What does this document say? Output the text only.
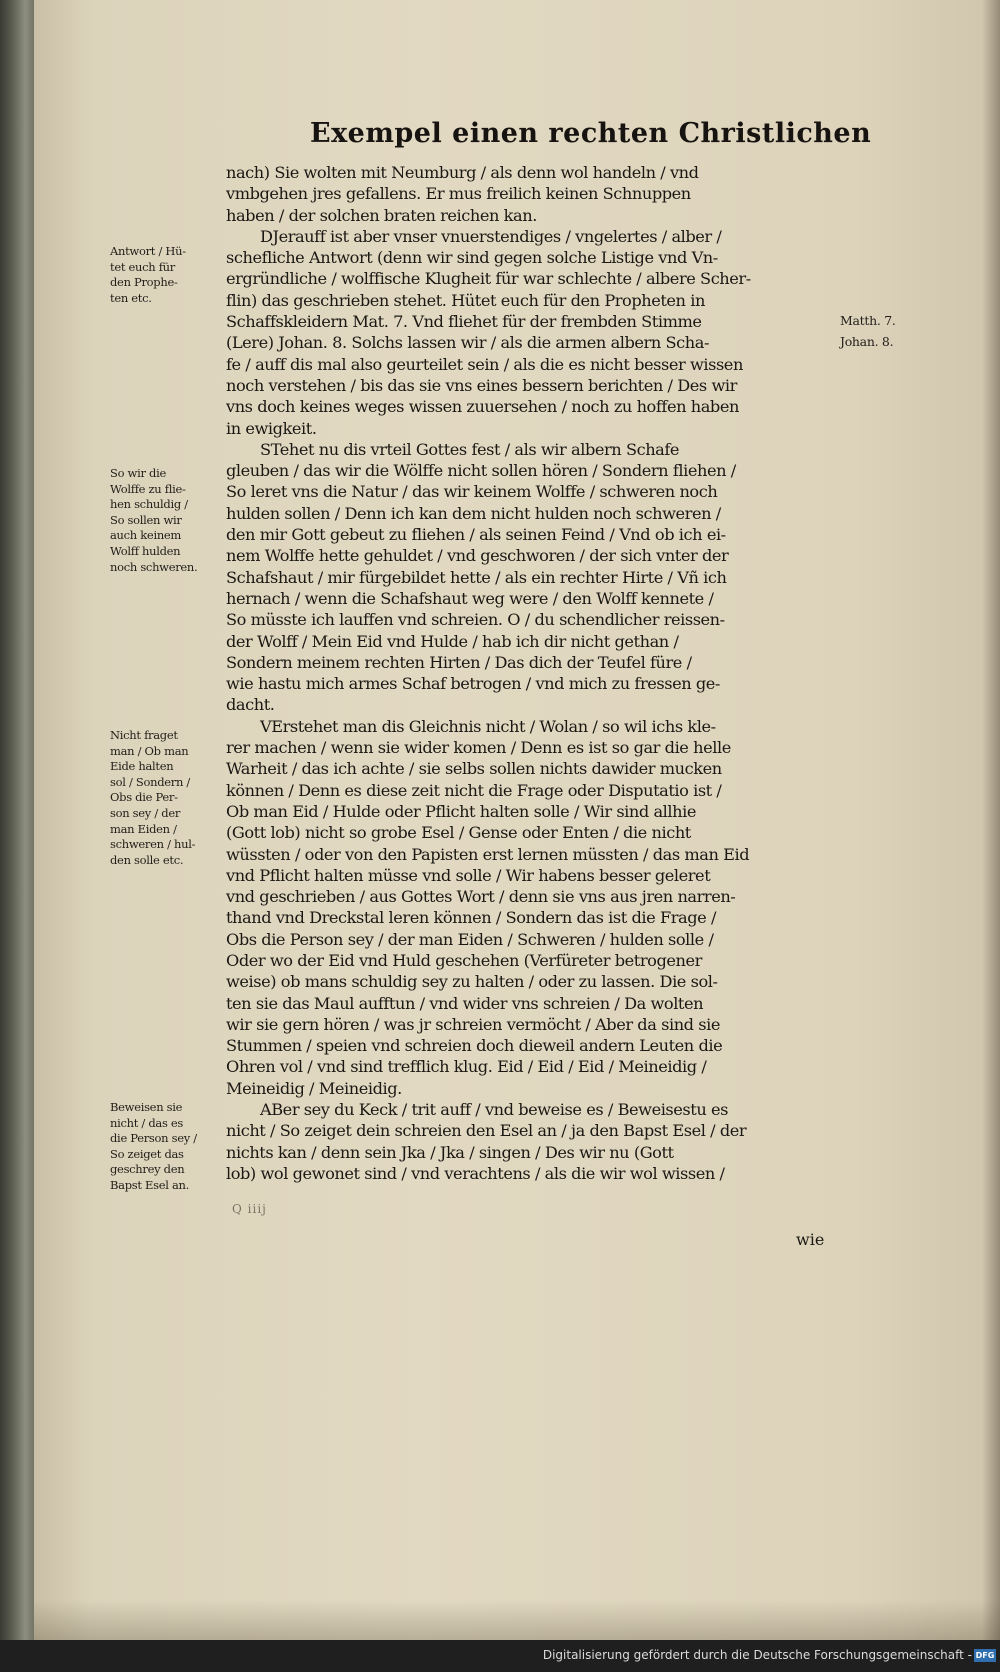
Exempel einen rechten Christlichen
nach) Sie wolten mit Neumburg / als denn wol handeln / vnd
vmbgehen jres gefallens. Er mus freilich keinen Schnuppen
haben / der solchen braten reichen kan.
DJerauff ist aber vnser vnuerstendiges / vngelertes / alber /
schefliche Antwort (denn wir sind gegen solche Listige vnd Vn-
ergründliche / wolffische Klugheit für war schlechte / albere Scher-
flin) das geschrieben stehet. Hütet euch für den Propheten in
Schaffskleidern Mat. 7. Vnd fliehet für der frembden Stimme
(Lere) Johan. 8. Solchs lassen wir / als die armen albern Scha-
fe / auff dis mal also geurteilet sein / als die es nicht besser wissen
noch verstehen / bis das sie vns eines bessern berichten / Des wir
vns doch keines weges wissen zuuersehen / noch zu hoffen haben
in ewigkeit.
STehet nu dis vrteil Gottes fest / als wir albern Schafe
gleuben / das wir die Wölffe nicht sollen hören / Sondern fliehen /
So leret vns die Natur / das wir keinem Wolffe / schweren noch
hulden sollen / Denn ich kan dem nicht hulden noch schweren /
den mir Gott gebeut zu fliehen / als seinen Feind / Vnd ob ich ei-
nem Wolffe hette gehuldet / vnd geschworen / der sich vnter der
Schafshaut / mir fürgebildet hette / als ein rechter Hirte / Vñ ich
hernach / wenn die Schafshaut weg were / den Wolff kennete /
So müsste ich lauffen vnd schreien. O / du schendlicher reissen-
der Wolff / Mein Eid vnd Hulde / hab ich dir nicht gethan /
Sondern meinem rechten Hirten / Das dich der Teufel füre /
wie hastu mich armes Schaf betrogen / vnd mich zu fressen ge-
dacht.
VErstehet man dis Gleichnis nicht / Wolan / so wil ichs kle-
rer machen / wenn sie wider komen / Denn es ist so gar die helle
Warheit / das ich achte / sie selbs sollen nichts dawider mucken
können / Denn es diese zeit nicht die Frage oder Disputatio ist /
Ob man Eid / Hulde oder Pflicht halten solle / Wir sind allhie
(Gott lob) nicht so grobe Esel / Gense oder Enten / die nicht
wüssten / oder von den Papisten erst lernen müssten / das man Eid
vnd Pflicht halten müsse vnd solle / Wir habens besser geleret
vnd geschrieben / aus Gottes Wort / denn sie vns aus jren narren-
thand vnd Dreckstal leren können / Sondern das ist die Frage /
Obs die Person sey / der man Eiden / Schweren / hulden solle /
Oder wo der Eid vnd Huld geschehen (Verfüreter betrogener
weise) ob mans schuldig sey zu halten / oder zu lassen. Die sol-
ten sie das Maul aufftun / vnd wider vns schreien / Da wolten
wir sie gern hören / was jr schreien vermöcht / Aber da sind sie
Stummen / speien vnd schreien doch dieweil andern Leuten die
Ohren vol / vnd sind trefflich klug. Eid / Eid / Eid / Meineidig /
Meineidig / Meineidig.
ABer sey du Keck / trit auff / vnd beweise es / Beweisestu es
nicht / So zeiget dein schreien den Esel an / ja den Bapst Esel / der
nichts kan / denn sein Jka / Jka / singen / Des wir nu (Gott
lob) wol gewonet sind / vnd verachtens / als die wir wol wissen /
Antwort / Hü-
tet euch für
den Prophe-
ten etc.
So wir die
Wolffe zu flie-
hen schuldig /
So sollen wir
auch keinem
Wolff hulden
noch schweren.
Nicht fraget
man / Ob man
Eide halten
sol / Sondern /
Obs die Per-
son sey / der
man Eiden /
schweren / hul-
den solle etc.
Beweisen sie
nicht / das es
die Person sey /
So zeiget das
geschrey den
Bapst Esel an.
Matth. 7.
Johan. 8.
Q iiij
wie
Digitalisierung gefördert durch die Deutsche Forschungsgemeinschaft - DFG
